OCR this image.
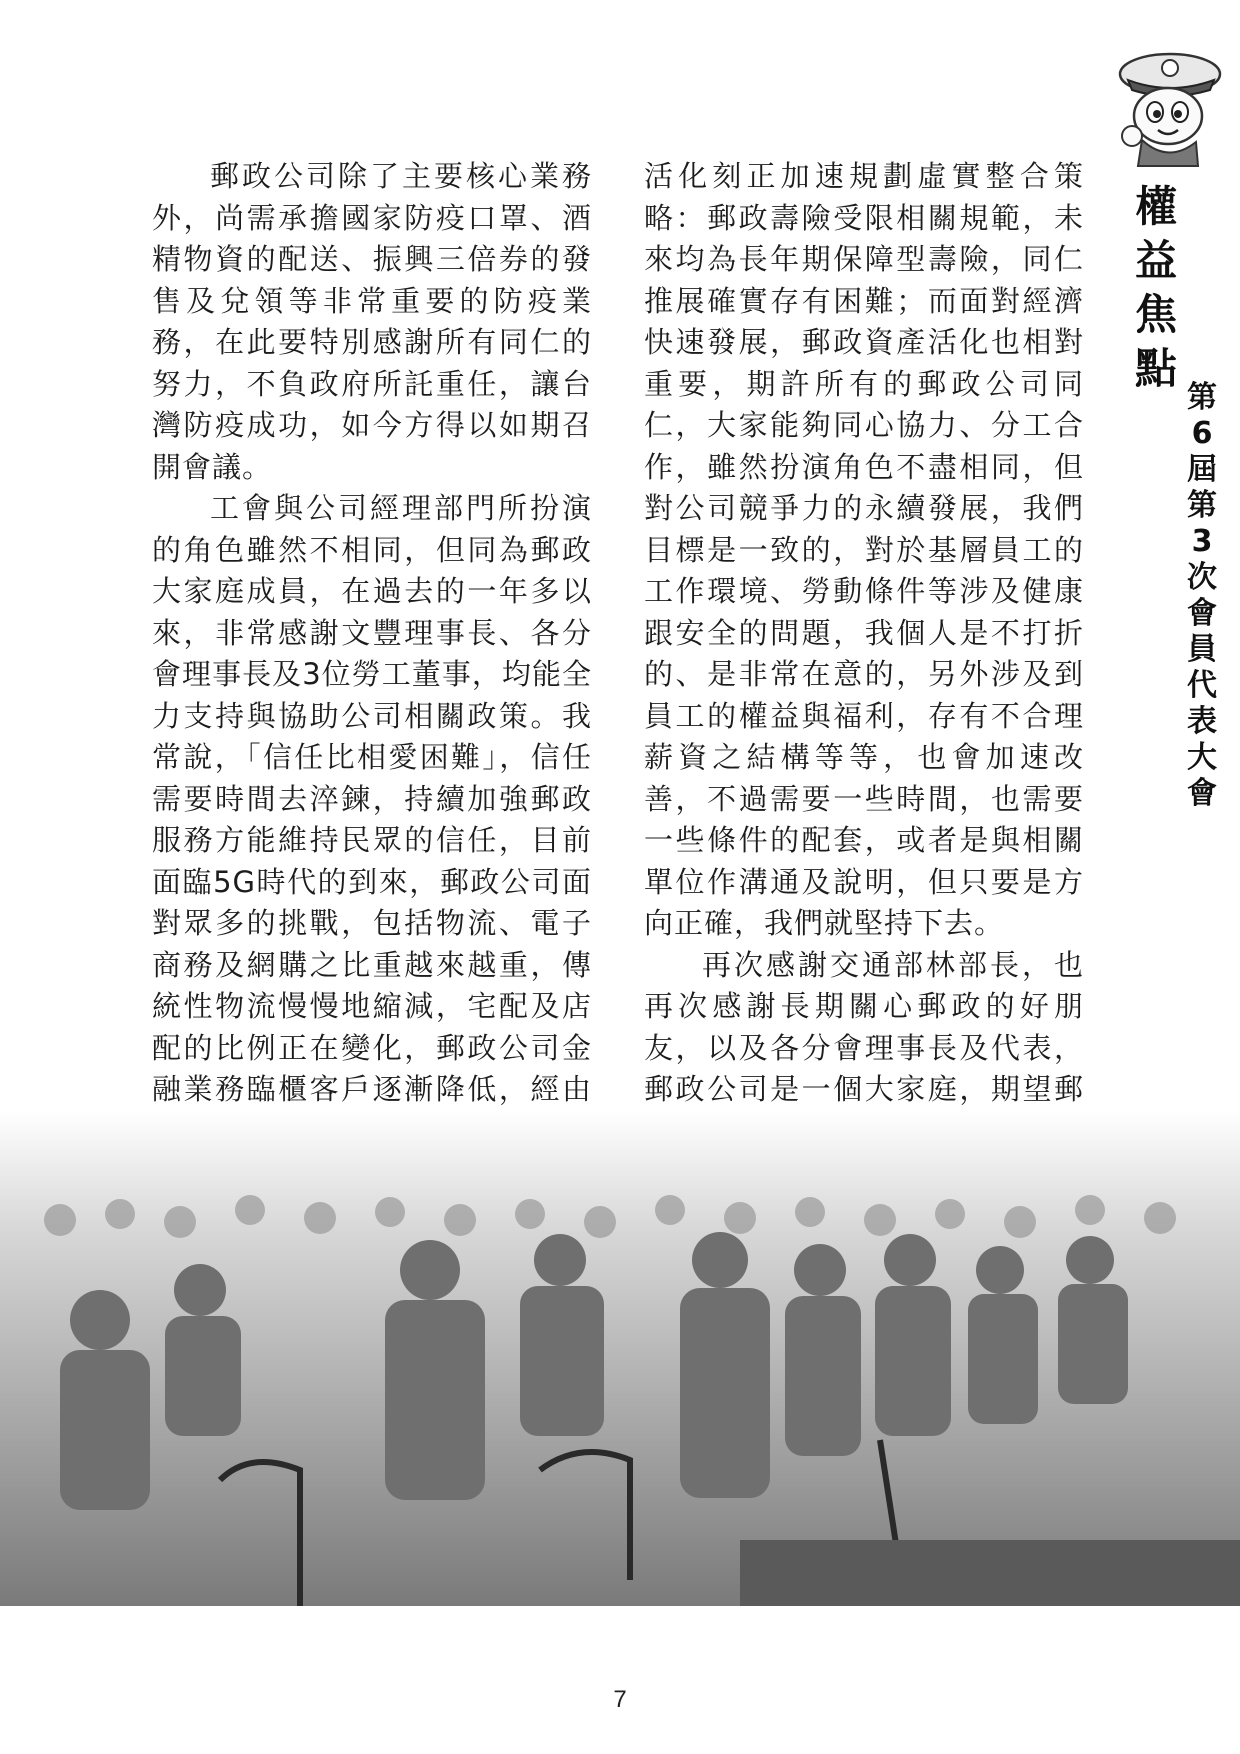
權
益
焦
點
第
6
屆
第
3
次
會
員
代
表
大
會

郵政公司除了主要核心業務外，尚需承擔國家防疫口罩、酒精物資的配送、振興三倍券的發售及兌領等非常重要的防疫業務，在此要特別感謝所有同仁的努力，不負政府所託重任，讓台灣防疫成功，如今方得以如期召開會議。

工會與公司經理部門所扮演的角色雖然不相同，但同為郵政大家庭成員，在過去的一年多以來，非常感謝文豐理事長、各分會理事長及3位勞工董事，均能全力支持與協助公司相關政策。我常說，「信任比相愛困難」，信任需要時間去淬鍊，持續加強郵政服務方能維持民眾的信任，目前面臨5G時代的到來，郵政公司面對眾多的挑戰，包括物流、電子商務及網購之比重越來越重，傳統性物流慢慢地縮減，宅配及店配的比例正在變化，郵政公司金融業務臨櫃客戶逐漸降低，經由

活化刻正加速規劃虛實整合策略：郵政壽險受限相關規範，未來均為長年期保障型壽險，同仁推展確實存有困難；而面對經濟快速發展，郵政資產活化也相對重要，期許所有的郵政公司同仁，大家能夠同心協力、分工合作，雖然扮演角色不盡相同，但對公司競爭力的永續發展，我們目標是一致的，對於基層員工的工作環境、勞動條件等涉及健康跟安全的問題，我個人是不打折的、是非常在意的，另外涉及到員工的權益與福利，存有不合理薪資之結構等等，也會加速改善，不過需要一些時間，也需要一些條件的配套，或者是與相關單位作溝通及說明，但只要是方向正確，我們就堅持下去。

再次感謝交通部林部長，也再次感謝長期關心郵政的好朋友，以及各分會理事長及代表，郵政公司是一個大家庭，期望郵

7
